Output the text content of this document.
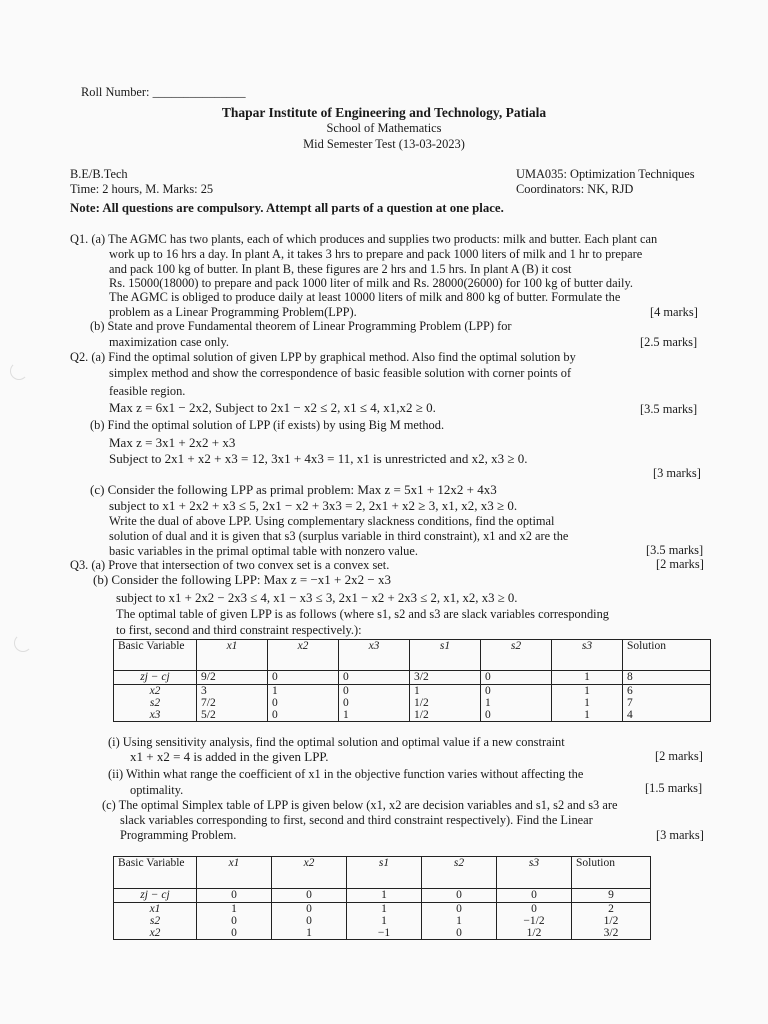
Roll Number: _______________
Thapar Institute of Engineering and Technology, Patiala
School of Mathematics
Mid Semester Test (13-03-2023)
B.E/B.Tech
Time: 2 hours, M. Marks: 25
UMA035: Optimization Techniques
Coordinators: NK, RJD
Note: All questions are compulsory. Attempt all parts of a question at one place.
Q1. (a) The AGMC has two plants, each of which produces and supplies two products: milk and butter. Each plant can
work up to 16 hrs a day. In plant A, it takes 3 hrs to prepare and pack 1000 liters of milk and 1 hr to prepare
and pack 100 kg of butter. In plant B, these figures are 2 hrs and 1.5 hrs. In plant A (B) it cost
Rs. 15000(18000) to prepare and pack 1000 liter of milk and Rs. 28000(26000) for 100 kg of butter daily.
The AGMC is obliged to produce daily at least 10000 liters of milk and 800 kg of butter. Formulate the
problem as a Linear Programming Problem(LPP).	[4 marks]
(b) State and prove Fundamental theorem of Linear Programming Problem (LPP) for
maximization case only.	[2.5 marks]
Q2. (a) Find the optimal solution of given LPP by graphical method. Also find the optimal solution by
simplex method and show the correspondence of basic feasible solution with corner points of
feasible region.
Max z = 6x1 − 2x2, Subject to 2x1 − x2 ≤ 2, x1 ≤ 4, x1,x2 ≥ 0.	[3.5 marks]
(b) Find the optimal solution of LPP (if exists) by using Big M method.
Max z = 3x1 + 2x2 + x3
Subject to 2x1 + x2 + x3 = 12, 3x1 + 4x3 = 11, x1 is unrestricted and x2, x3 ≥ 0.
[3 marks]
(c) Consider the following LPP as primal problem: Max z = 5x1 + 12x2 + 4x3
subject to x1 + 2x2 + x3 ≤ 5, 2x1 − x2 + 3x3 = 2, 2x1 + x2 ≥ 3, x1, x2, x3 ≥ 0.
Write the dual of above LPP. Using complementary slackness conditions, find the optimal
solution of dual and it is given that s3 (surplus variable in third constraint), x1 and x2 are the
basic variables in the primal optimal table with nonzero value.	[3.5 marks]
Q3. (a) Prove that intersection of two convex set is a convex set.	[2 marks]
(b) Consider the following LPP: Max z = −x1 + 2x2 − x3
subject to x1 + 2x2 − 2x3 ≤ 4, x1 − x3 ≤ 3, 2x1 − x2 + 2x3 ≤ 2, x1, x2, x3 ≥ 0.
The optimal table of given LPP is as follows (where s1, s2 and s3 are slack variables corresponding
to first, second and third constraint respectively.):
Basic Variable	x1	x2	x3	s1	s2	s3	Solution
zj − cj	9/2	0	0	3/2	0	1	8
x2	3	1	0	1	0	1	6
s2	7/2	0	0	1/2	1	1	7
x3	5/2	0	1	1/2	0	1	4
(i) Using sensitivity analysis, find the optimal solution and optimal value if a new constraint
x1 + x2 = 4 is added in the given LPP.	[2 marks]
(ii) Within what range the coefficient of x1 in the objective function varies without affecting the
optimality.	[1.5 marks]
(c) The optimal Simplex table of LPP is given below (x1, x2 are decision variables and s1, s2 and s3 are
slack variables corresponding to first, second and third constraint respectively). Find the Linear
Programming Problem.	[3 marks]
Basic Variable	x1	x2	s1	s2	s3	Solution
zj − cj	0	0	1	0	0	9
x1	1	0	1	0	0	2
s2	0	0	1	1	−1/2	1/2
x2	0	1	−1	0	1/2	3/2
